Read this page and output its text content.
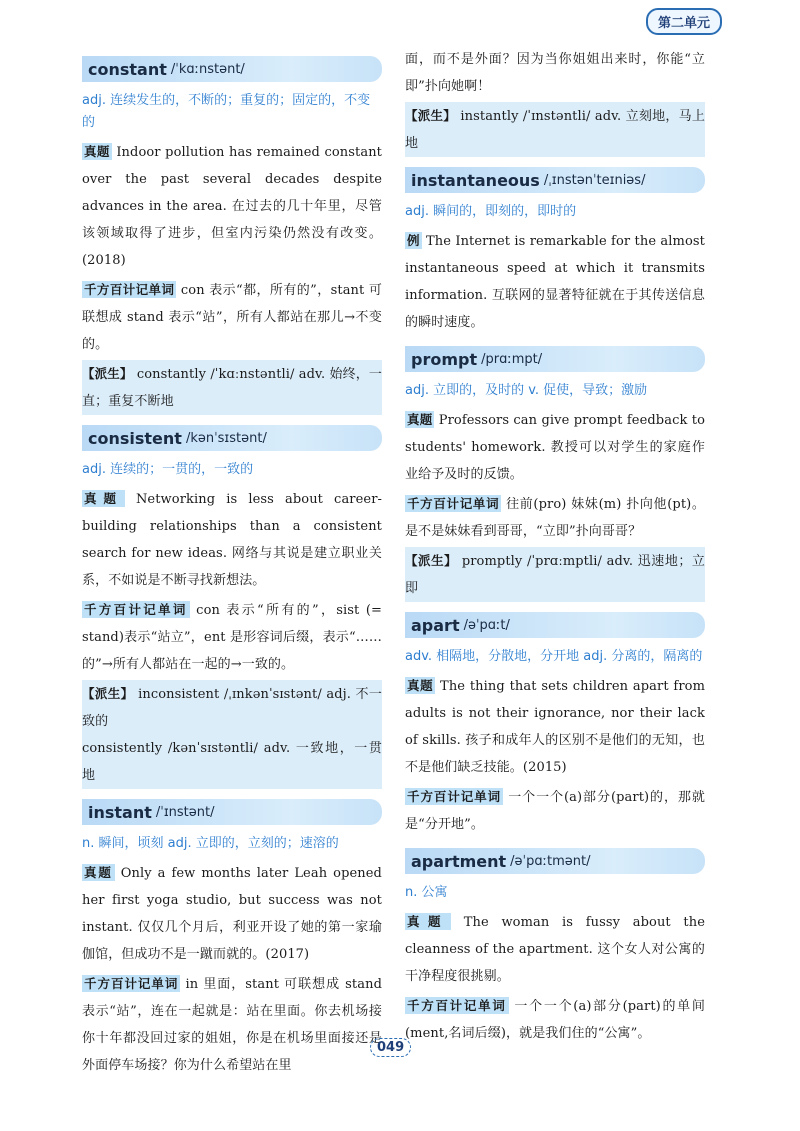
第二单元
constant /ˈkɑːnstənt/
adj. 连续发生的，不断的；重复的；固定的，不变的
真题 Indoor pollution has remained constant over the past several decades despite advances in the area. 在过去的几十年里，尽管该领域取得了进步，但室内污染仍然没有改变。(2018)
千方百计记单词 con 表示“都，所有的”，stant 可联想成 stand 表示“站”，所有人都站在那儿→不变的。
【派生】 constantly /ˈkɑːnstəntli/ adv. 始终，一直；重复不断地
consistent /kənˈsɪstənt/
adj. 连续的；一贯的，一致的
真题 Networking is less about career-building relationships than a consistent search for new ideas. 网络与其说是建立职业关系，不如说是不断寻找新想法。
千方百计记单词 con 表示“所有的”，sist (= stand)表示“站立”，ent 是形容词后缀，表示“……的”→所有人都站在一起的→一致的。
【派生】 inconsistent /ˌɪnkənˈsɪstənt/ adj. 不一致的
consistently /kənˈsɪstəntli/ adv. 一致地，一贯地
instant /ˈɪnstənt/
n. 瞬间，顷刻 adj. 立即的，立刻的；速溶的
真题 Only a few months later Leah opened her first yoga studio, but success was not instant. 仅仅几个月后，利亚开设了她的第一家瑜伽馆，但成功不是一蹴而就的。(2017)
千方百计记单词 in 里面，stant 可联想成 stand 表示“站”，连在一起就是：站在里面。你去机场接你十年都没回过家的姐姐，你是在机场里面接还是外面停车场接？你为什么希望站在里
面，而不是外面？因为当你姐姐出来时，你能“立即”扑向她啊！
【派生】 instantly /ˈɪnstəntli/ adv. 立刻地，马上地
instantaneous /ˌɪnstənˈteɪniəs/
adj. 瞬间的，即刻的，即时的
例 The Internet is remarkable for the almost instantaneous speed at which it transmits information. 互联网的显著特征就在于其传送信息的瞬时速度。
prompt /prɑːmpt/
adj. 立即的，及时的 v. 促使，导致；激励
真题 Professors can give prompt feedback to students' homework. 教授可以对学生的家庭作业给予及时的反馈。
千方百计记单词 往前(pro) 妹妹(m) 扑向他(pt)。是不是妹妹看到哥哥，“立即”扑向哥哥？
【派生】 promptly /ˈprɑːmptli/ adv. 迅速地；立即
apart /əˈpɑːt/
adv. 相隔地，分散地，分开地 adj. 分离的，隔离的
真题 The thing that sets children apart from adults is not their ignorance, nor their lack of skills. 孩子和成年人的区别不是他们的无知，也不是他们缺乏技能。(2015)
千方百计记单词 一个一个(a)部分(part)的，那就是“分开地”。
apartment /əˈpɑːtmənt/
n. 公寓
真题 The woman is fussy about the cleanness of the apartment. 这个女人对公寓的干净程度很挑剔。
千方百计记单词 一个一个(a)部分(part)的单间(ment,名词后缀)，就是我们住的“公寓”。
049
